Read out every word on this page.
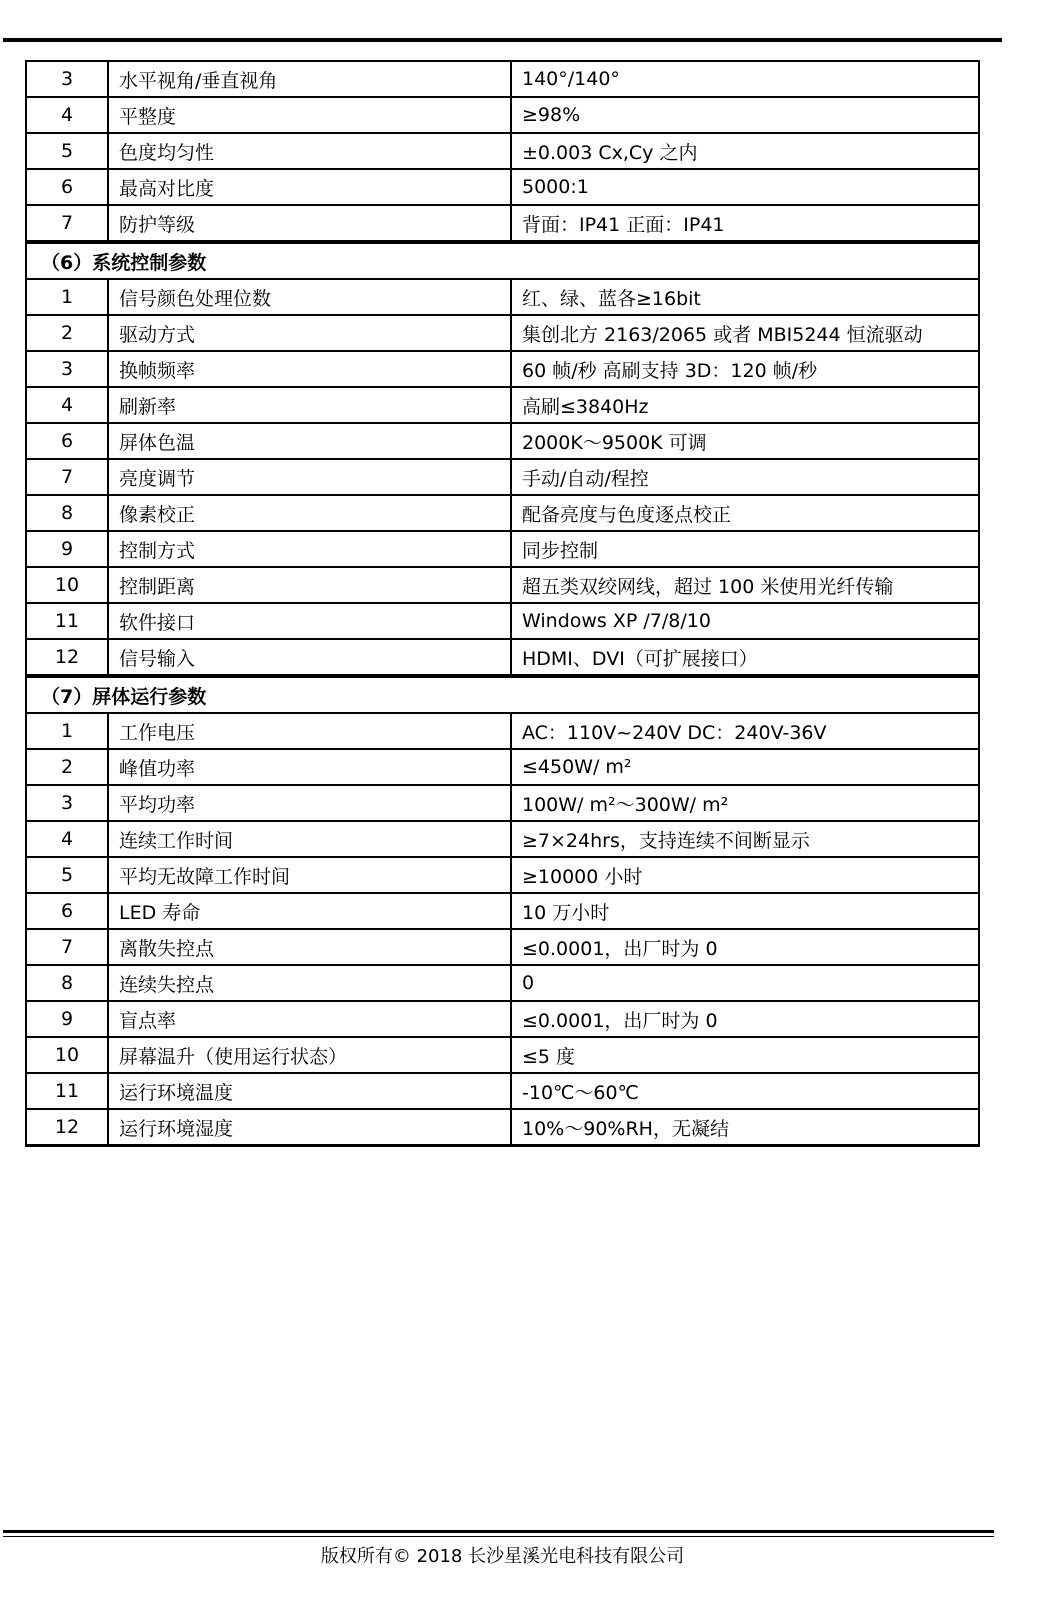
3	水平视角/垂直视角	140°/140°
4	平整度	≥98%
5	色度均匀性	±0.003 Cx,Cy 之内
6	最高对比度	5000:1
7	防护等级	背面：IP41 正面：IP41
（6）系统控制参数		
1	信号颜色处理位数	红、绿、蓝各≥16bit
2	驱动方式	集创北方 2163/2065 或者 MBI5244 恒流驱动
3	换帧频率	60 帧/秒 高刷支持 3D：120 帧/秒
4	刷新率	高刷≤3840Hz
6	屏体色温	2000K～9500K 可调
7	亮度调节	手动/自动/程控
8	像素校正	配备亮度与色度逐点校正
9	控制方式	同步控制
10	控制距离	超五类双绞网线，超过 100 米使用光纤传输
11	软件接口	Windows XP /7/8/10
12	信号输入	HDMI、DVI（可扩展接口）
（7）屏体运行参数		
1	工作电压	AC：110V~240V DC：240V-36V
2	峰值功率	≤450W/ m²
3	平均功率	100W/ m²～300W/ m²
4	连续工作时间	≥7×24hrs，支持连续不间断显示
5	平均无故障工作时间	≥10000 小时
6	LED 寿命	10 万小时
7	离散失控点	≤0.0001，出厂时为 0
8	连续失控点	0
9	盲点率	≤0.0001，出厂时为 0
10	屏幕温升（使用运行状态）	≤5 度
11	运行环境温度	-10℃～60℃
12	运行环境湿度	10%～90%RH，无凝结
版权所有© 2018 长沙星溪光电科技有限公司
